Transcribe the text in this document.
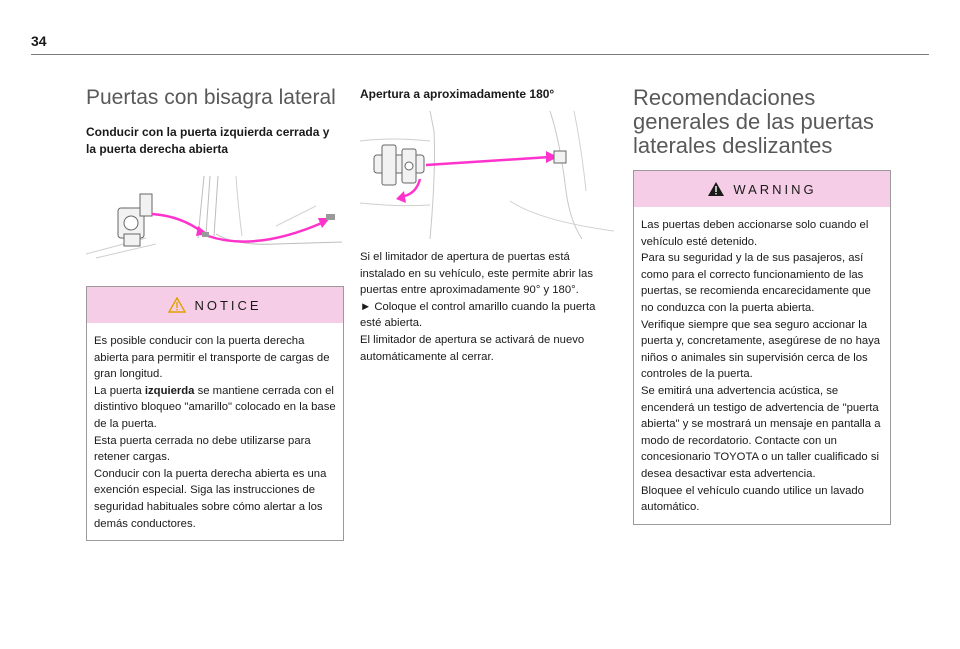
34
Puertas con bisagra lateral
Conducir con la puerta izquierda cerrada y la puerta derecha abierta
NOTICE

Es posible conducir con la puerta derecha abierta para permitir el transporte de cargas de gran longitud.

La puerta izquierda se mantiene cerrada con el distintivo bloqueo "amarillo" colocado en la base de la puerta.

Esta puerta cerrada no debe utilizarse para retener cargas.

Conducir con la puerta derecha abierta es una exención especial. Siga las instrucciones de seguridad habituales sobre cómo alertar a los demás conductores.

Apertura a aproximadamente 180°

Si el limitador de apertura de puertas está instalado en su vehículo, este permite abrir las puertas entre aproximadamente 90° y 180°.

► Coloque el control amarillo cuando la puerta esté abierta.

El limitador de apertura se activará de nuevo automáticamente al cerrar.

Recomendaciones generales de las puertas laterales deslizantes
WARNING

Las puertas deben accionarse solo cuando el vehículo esté detenido.

Para su seguridad y la de sus pasajeros, así como para el correcto funcionamiento de las puertas, se recomienda encarecidamente que no conduzca con la puerta abierta.

Verifique siempre que sea seguro accionar la puerta y, concretamente, asegúrese de no haya niños o animales sin supervisión cerca de los controles de la puerta.

Se emitirá una advertencia acústica, se encenderá un testigo de advertencia de "puerta abierta" y se mostrará un mensaje en pantalla a modo de recordatorio. Contacte con un concesionario TOYOTA o un taller cualificado si desea desactivar esta advertencia.

Bloquee el vehículo cuando utilice un lavado automático.
